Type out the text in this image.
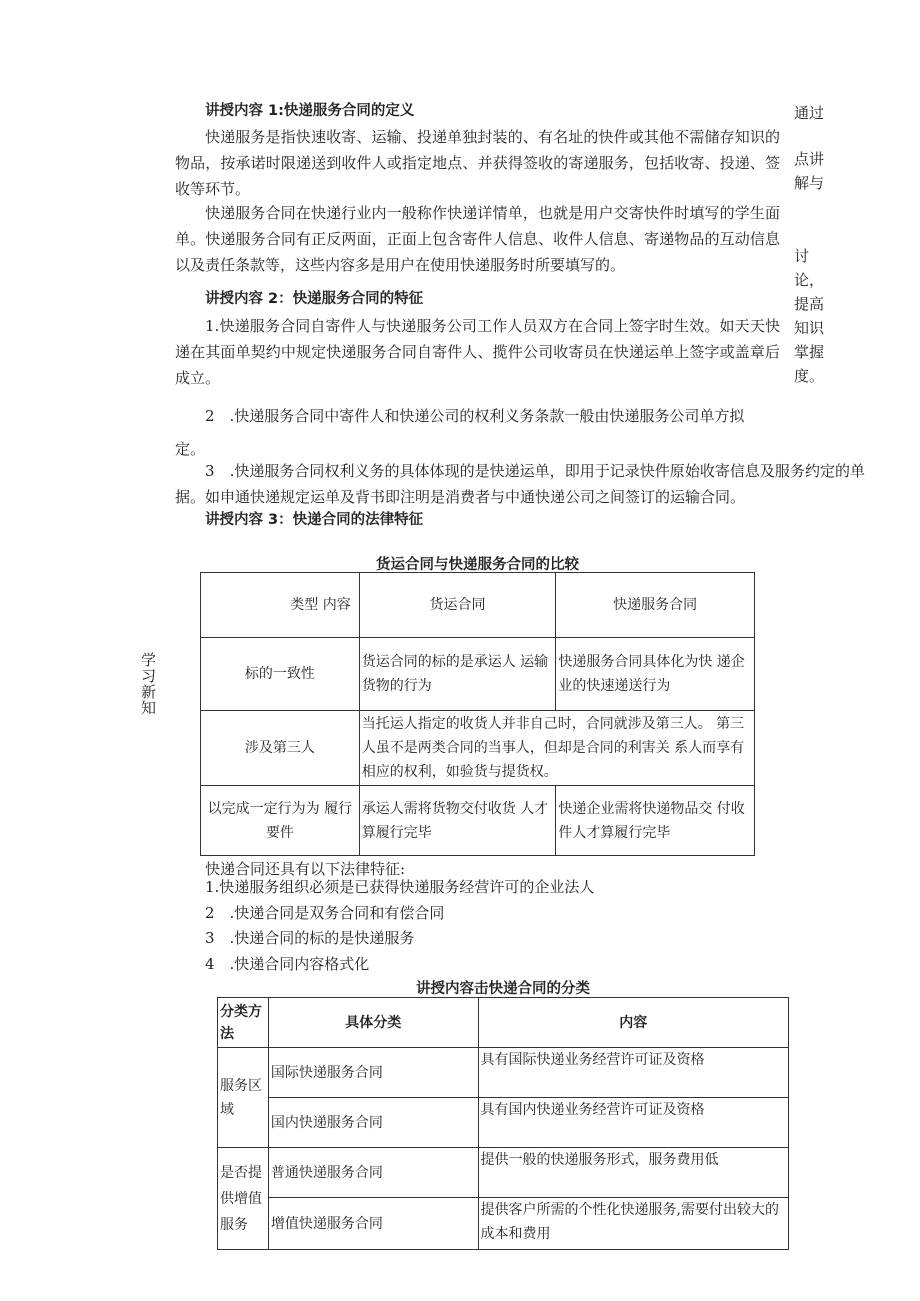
讲授内容 1:快递服务合同的定义
快递服务是指快速收寄、运输、投递单独封装的、有名址的快件或其他不需储存知识的物品，按承诺时限递送到收件人或指定地点、并获得签收的寄递服务，包括收寄、投递、签收等环节。
快递服务合同在快递行业内一般称作快递详情单，也就是用户交寄快件时填写的学生面单。快递服务合同有正反两面，正面上包含寄件人信息、收件人信息、寄递物品的互动信息以及责任条款等，这些内容多是用户在使用快递服务时所要填写的。
讲授内容 2：快递服务合同的特征
1.快递服务合同自寄件人与快递服务公司工作人员双方在合同上签字时生效。如天天快递在其面单契约中规定快递服务合同自寄件人、揽件公司收寄员在快递运单上签字或盖章后成立。
2　.快递服务合同中寄件人和快递公司的权利义务条款一般由快递服务公司单方拟
定。
3　.快递服务合同权利义务的具体体现的是快递运单，即用于记录快件原始收寄信息及服务约定的单据。如申通快递规定运单及背书即注明是消费者与中通快递公司之间签订的运输合同。
讲授内容 3：快递合同的法律特征
通过
点讲
解与
讨
论，
提高
知识
掌握
度。
学
习
新
知
货运合同与快递服务合同的比较
类型 内容	货运合同	快递服务合同
标的一致性	货运合同的标的是承运人 运输货物的行为	快递服务合同具体化为快 递企业的快速递送行为
涉及第三人	当托运人指定的收货人并非自己时，合同就涉及第三人。 第三人虽不是两类合同的当事人，但却是合同的利害关 系人而享有相应的权利，如验货与提货权。	
以完成一定行为为 履行要件	承运人需将货物交付收货 人才算履行完毕	快递企业需将快递物品交 付收件人才算履行完毕
快递合同还具有以下法律特征:
1.快递服务组织必须是已获得快递服务经营许可的企业法人
2　.快递合同是双务合同和有偿合同
3　.快递合同的标的是快递服务
4　.快递合同内容格式化
讲授内容击快递合同的分类
分类方法	具体分类	内容
服务区域	国际快递服务合同	具有国际快递业务经营许可证及资格
	国内快递服务合同	具有国内快递业务经营许可证及资格
是否提供增值服务	普通快递服务合同	提供一般的快递服务形式，服务费用低
	增值快递服务合同	提供客户所需的个性化快递服务,需要付出较大的成本和费用
